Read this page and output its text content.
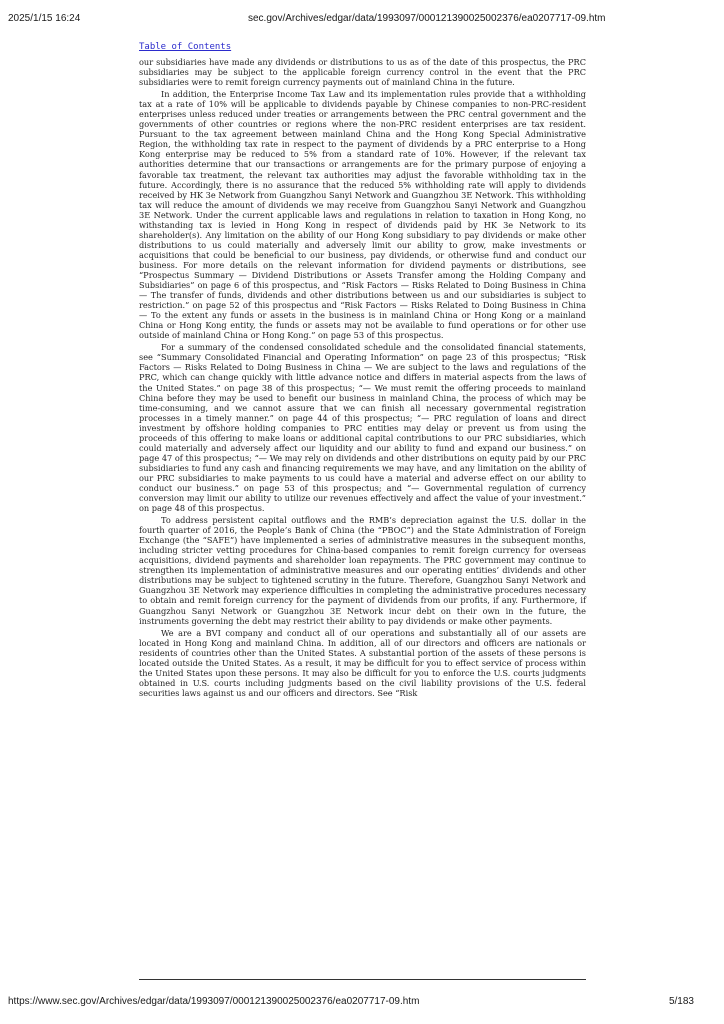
2025/1/15 16:24	sec.gov/Archives/edgar/data/1993097/000121390025002376/ea0207717-09.htm
Table of Contents

our subsidiaries have made any dividends or distributions to us as of the date of this prospectus, the PRC subsidiaries may be subject to the applicable foreign currency control in the event that the PRC subsidiaries were to remit foreign currency payments out of mainland China in the future.

In addition, the Enterprise Income Tax Law and its implementation rules provide that a withholding tax at a rate of 10% will be applicable to dividends payable by Chinese companies to non-PRC-resident enterprises unless reduced under treaties or arrangements between the PRC central government and the governments of other countries or regions where the non-PRC resident enterprises are tax resident. Pursuant to the tax agreement between mainland China and the Hong Kong Special Administrative Region, the withholding tax rate in respect to the payment of dividends by a PRC enterprise to a Hong Kong enterprise may be reduced to 5% from a standard rate of 10%. However, if the relevant tax authorities determine that our transactions or arrangements are for the primary purpose of enjoying a favorable tax treatment, the relevant tax authorities may adjust the favorable withholding tax in the future. Accordingly, there is no assurance that the reduced 5% withholding rate will apply to dividends received by HK 3e Network from Guangzhou Sanyi Network and Guangzhou 3E Network. This withholding tax will reduce the amount of dividends we may receive from Guangzhou Sanyi Network and Guangzhou 3E Network. Under the current applicable laws and regulations in relation to taxation in Hong Kong, no withstanding tax is levied in Hong Kong in respect of dividends paid by HK 3e Network to its shareholder(s). Any limitation on the ability of our Hong Kong subsidiary to pay dividends or make other distributions to us could materially and adversely limit our ability to grow, make investments or acquisitions that could be beneficial to our business, pay dividends, or otherwise fund and conduct our business. For more details on the relevant information for dividend payments or distributions, see “Prospectus Summary — Dividend Distributions or Assets Transfer among the Holding Company and Subsidiaries” on page 6 of this prospectus, and “Risk Factors — Risks Related to Doing Business in China — The transfer of funds, dividends and other distributions between us and our subsidiaries is subject to restriction.” on page 52 of this prospectus and “Risk Factors — Risks Related to Doing Business in China — To the extent any funds or assets in the business is in mainland China or Hong Kong or a mainland China or Hong Kong entity, the funds or assets may not be available to fund operations or for other use outside of mainland China or Hong Kong.” on page 53 of this prospectus.

For a summary of the condensed consolidated schedule and the consolidated financial statements, see “Summary Consolidated Financial and Operating Information” on page 23 of this prospectus; “Risk Factors — Risks Related to Doing Business in China — We are subject to the laws and regulations of the PRC, which can change quickly with little advance notice and differs in material aspects from the laws of the United States.” on page 38 of this prospectus; “— We must remit the offering proceeds to mainland China before they may be used to benefit our business in mainland China, the process of which may be time-consuming, and we cannot assure that we can finish all necessary governmental registration processes in a timely manner.” on page 44 of this prospectus; “— PRC regulation of loans and direct investment by offshore holding companies to PRC entities may delay or prevent us from using the proceeds of this offering to make loans or additional capital contributions to our PRC subsidiaries, which could materially and adversely affect our liquidity and our ability to fund and expand our business.” on page 47 of this prospectus; “— We may rely on dividends and other distributions on equity paid by our PRC subsidiaries to fund any cash and financing requirements we may have, and any limitation on the ability of our PRC subsidiaries to make payments to us could have a material and adverse effect on our ability to conduct our business.” on page 53 of this prospectus; and “— Governmental regulation of currency conversion may limit our ability to utilize our revenues effectively and affect the value of your investment.” on page 48 of this prospectus.

To address persistent capital outflows and the RMB’s depreciation against the U.S. dollar in the fourth quarter of 2016, the People’s Bank of China (the “PBOC”) and the State Administration of Foreign Exchange (the “SAFE”) have implemented a series of administrative measures in the subsequent months, including stricter vetting procedures for China-based companies to remit foreign currency for overseas acquisitions, dividend payments and shareholder loan repayments. The PRC government may continue to strengthen its implementation of administrative measures and our operating entities’ dividends and other distributions may be subject to tightened scrutiny in the future. Therefore, Guangzhou Sanyi Network and Guangzhou 3E Network may experience difficulties in completing the administrative procedures necessary to obtain and remit foreign currency for the payment of dividends from our profits, if any. Furthermore, if Guangzhou Sanyi Network or Guangzhou 3E Network incur debt on their own in the future, the instruments governing the debt may restrict their ability to pay dividends or make other payments.

We are a BVI company and conduct all of our operations and substantially all of our assets are located in Hong Kong and mainland China. In addition, all of our directors and officers are nationals or residents of countries other than the United States. A substantial portion of the assets of these persons is located outside the United States. As a result, it may be difficult for you to effect service of process within the United States upon these persons. It may also be difficult for you to enforce the U.S. courts judgments obtained in U.S. courts including judgments based on the civil liability provisions of the U.S. federal securities laws against us and our officers and directors. See “Risk

https://www.sec.gov/Archives/edgar/data/1993097/000121390025002376/ea0207717-09.htm	5/183
